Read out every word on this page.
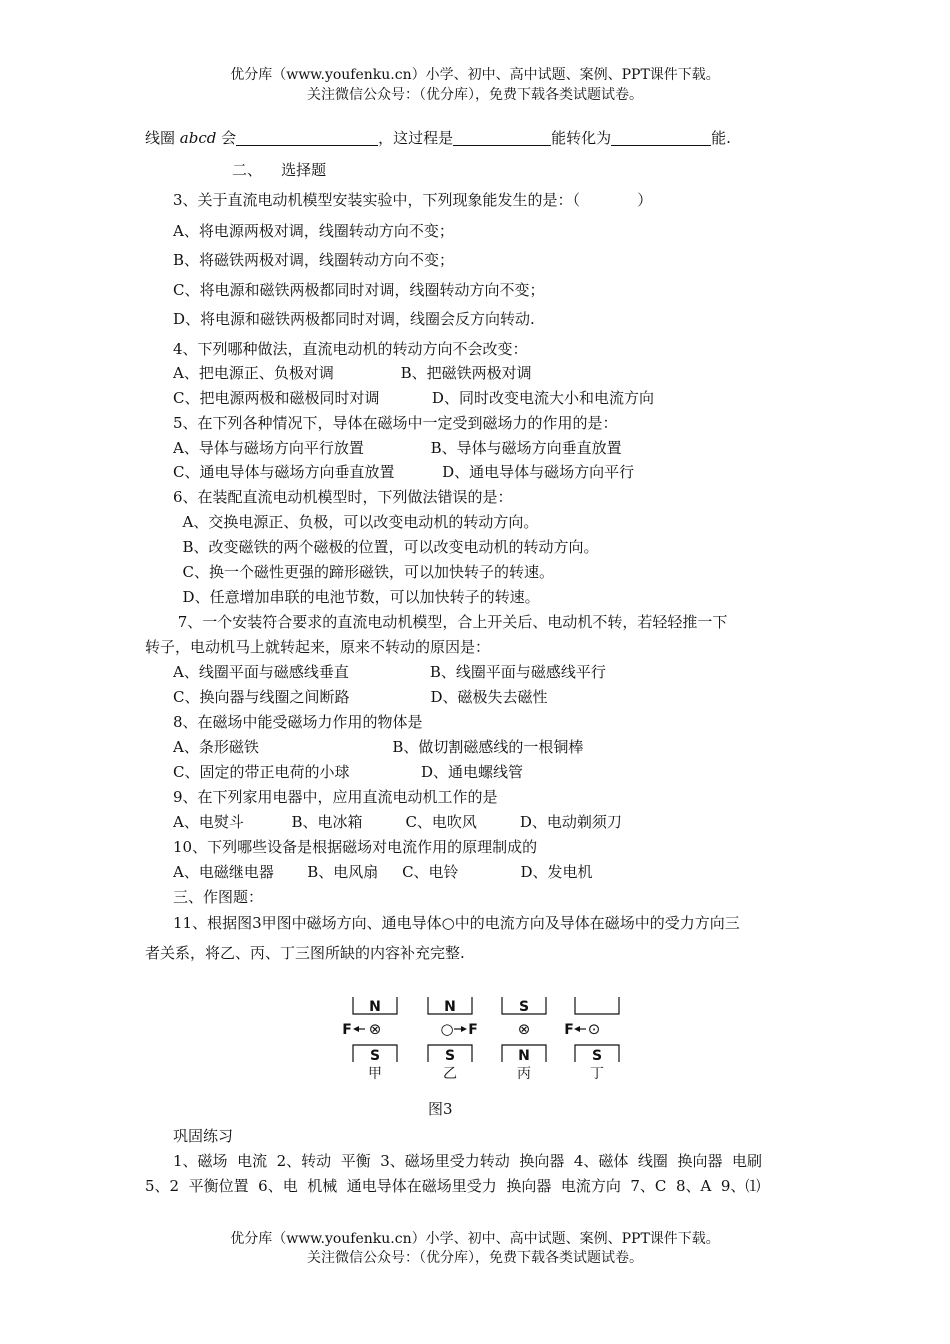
优分库（www.youfenku.cn）小学、初中、高中试题、案例、PPT课件下载。
关注微信公众号：（优分库），免费下载各类试题试卷。
线圈 abcd 会	，这过程是	能转化为	能.
二、    选择题
3、关于直流电动机模型安装实验中，下列现象能发生的是：（            ）
A、将电源两极对调，线圈转动方向不变；
B、将磁铁两极对调，线圈转动方向不变；
C、将电源和磁铁两极都同时对调，线圈转动方向不变；
D、将电源和磁铁两极都同时对调，线圈会反方向转动.
4、下列哪种做法，直流电动机的转动方向不会改变：
A、把电源正、负极对调              B、把磁铁两极对调
C、把电源两极和磁极同时对调           D、同时改变电流大小和电流方向
5、在下列各种情况下，导体在磁场中一定受到磁场力的作用的是：
A、导体与磁场方向平行放置              B、导体与磁场方向垂直放置
C、通电导体与磁场方向垂直放置          D、通电导体与磁场方向平行
6、在装配直流电动机模型时，下列做法错误的是：
A、交换电源正、负极，可以改变电动机的转动方向。
B、改变磁铁的两个磁极的位置，可以改变电动机的转动方向。
C、换一个磁性更强的蹄形磁铁，可以加快转子的转速。
D、任意增加串联的电池节数，可以加快转子的转速。
7、一个安装符合要求的直流电动机模型，合上开关后、电动机不转，若轻轻推一下
转子，电动机马上就转起来，原来不转动的原因是：
A、线圈平面与磁感线垂直                 B、线圈平面与磁感线平行
C、换向器与线圈之间断路                 D、磁极失去磁性
8、在磁场中能受磁场力作用的物体是
A、条形磁铁                            B、做切割磁感线的一根铜棒
C、固定的带正电荷的小球               D、通电螺线管
9、在下列家用电器中，应用直流电动机工作的是
A、电熨斗          B、电冰箱         C、电吹风         D、电动剃须刀
10、下列哪些设备是根据磁场对电流作用的原理制成的
A、电磁继电器       B、电风扇     C、电铃             D、发电机
三、作图题：
11、根据图3甲图中磁场方向、通电导体○中的电流方向及导体在磁场中的受力方向三
者关系，将乙、丙、丁三图所缺的内容补充完整.
N
S
F ⊗
甲
N
S
○ F
乙
S
N
⊗
丙
S
F ⊙
丁
图3
巩固练习
1、磁场  电流  2、转动  平衡  3、磁场里受力转动  换向器  4、磁体  线圈  换向器  电刷
5、2  平衡位置  6、电  机械  通电导体在磁场里受力  换向器  电流方向  7、C  8、A  9、⑴
优分库（www.youfenku.cn）小学、初中、高中试题、案例、PPT课件下载。
关注微信公众号：（优分库），免费下载各类试题试卷。
